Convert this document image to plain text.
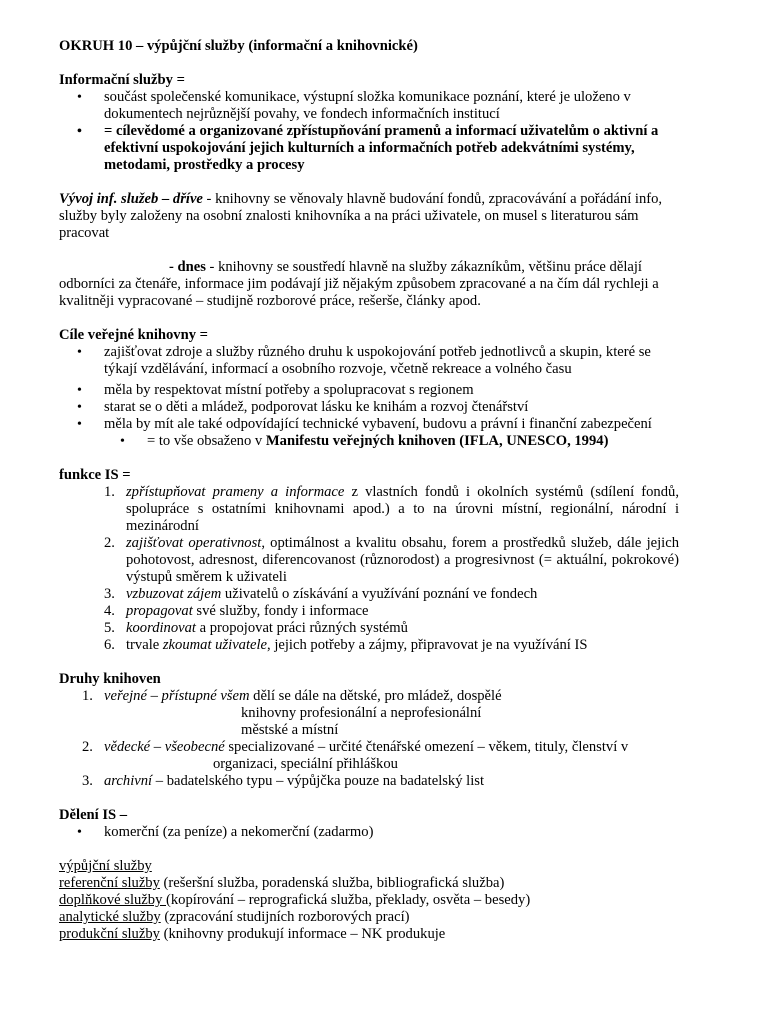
OKRUH 10 – výpůjční služby (informační a knihovnické)
Informační služby =
• součást společenské komunikace, výstupní složka komunikace poznání, které je uloženo v dokumentech nejrůznější povahy, ve fondech informačních institucí
• = cílevědomé a organizované zpřístupňování pramenů a informací uživatelům o aktivní a efektivní uspokojování jejich kulturních a informačních potřeb adekvátními systémy, metodami, prostředky a procesy
Vývoj inf. služeb – dříve - knihovny se věnovaly hlavně budování fondů, zpracovávání a pořádání info, služby byly založeny na osobní znalosti knihovníka a na práci uživatele, on musel s literaturou sám pracovat
- dnes - knihovny se soustředí hlavně na služby zákazníkům, většinu práce dělají
odborníci za čtenáře, informace jim podávají již nějakým způsobem zpracované a na čím dál rychleji a kvalitněji vypracované – studijně rozborové práce, rešerše, články apod.
Cíle veřejné knihovny =
• zajišťovat zdroje a služby různého druhu k uspokojování potřeb jednotlivců a skupin, které se týkají vzdělávání, informací a osobního rozvoje, včetně rekreace a volného času
• měla by respektovat místní potřeby a spolupracovat s regionem
• starat se o děti a mládež, podporovat lásku ke knihám a rozvoj čtenářství
• měla by mít ale také odpovídající technické vybavení, budovu a právní i finanční zabezpečení
• = to vše obsaženo v Manifestu veřejných knihoven (IFLA, UNESCO, 1994)
funkce IS =
1. zpřístupňovat prameny a informace z vlastních fondů i okolních systémů (sdílení fondů, spolupráce s ostatními knihovnami apod.) a to na úrovni místní, regionální, národní i mezinárodní
2. zajišťovat operativnost, optimálnost a kvalitu obsahu, forem a prostředků služeb, dále jejich pohotovost, adresnost, diferencovanost (různorodost) a progresivnost (= aktuální, pokrokové) výstupů směrem k uživateli
3. vzbuzovat zájem uživatelů o získávání a využívání poznání ve fondech
4. propagovat své služby, fondy i informace
5. koordinovat a propojovat práci různých systémů
6. trvale zkoumat uživatele, jejich potřeby a zájmy, připravovat je na využívání IS
Druhy knihoven
1. veřejné – přístupné všem dělí se dále na dětské, pro mládež, dospělé
knihovny profesionální a neprofesionální
městské a místní
2. vědecké – všeobecné specializované – určité čtenářské omezení – věkem, tituly, členství v
organizaci, speciální přihláškou
3. archivní – badatelského typu – výpůjčka pouze na badatelský list
Dělení IS –
• komerční (za peníze) a nekomerční (zadarmo)
výpůjční služby
referenční služby (rešeršní služba, poradenská služba, bibliografická služba)
doplňkové služby (kopírování – reprografická služba, překlady, osvěta – besedy)
analytické služby (zpracování studijních rozborových prací)
produkční služby (knihovny produkují informace – NK produkuje
